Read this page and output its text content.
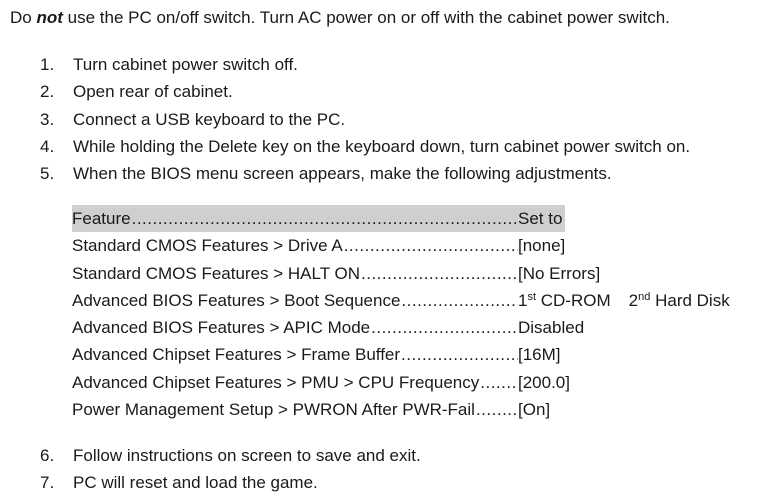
Do not use the PC on/off switch. Turn AC power on or off with the cabinet power switch.
1.	Turn cabinet power switch off.
2.	Open rear of cabinet.
3.	Connect a USB keyboard to the PC.
4.	While holding the Delete key on the keyboard down, turn cabinet power switch on.
5.	When the BIOS menu screen appears, make the following adjustments.
Feature .....	Set to
Standard CMOS Features > Drive A .....	[none]
Standard CMOS Features > HALT ON .....	[No Errors]
Advanced BIOS Features > Boot Sequence .....	1st CD-ROM 2nd Hard Disk
Advanced BIOS Features > APIC Mode .....	Disabled
Advanced Chipset Features > Frame Buffer .....	[16M]
Advanced Chipset Features > PMU > CPU Frequency ..... [200.0]
Power Management Setup > PWRON After PWR-Fail .....	[On]
6.	Follow instructions on screen to save and exit.
7.	PC will reset and load the game.
